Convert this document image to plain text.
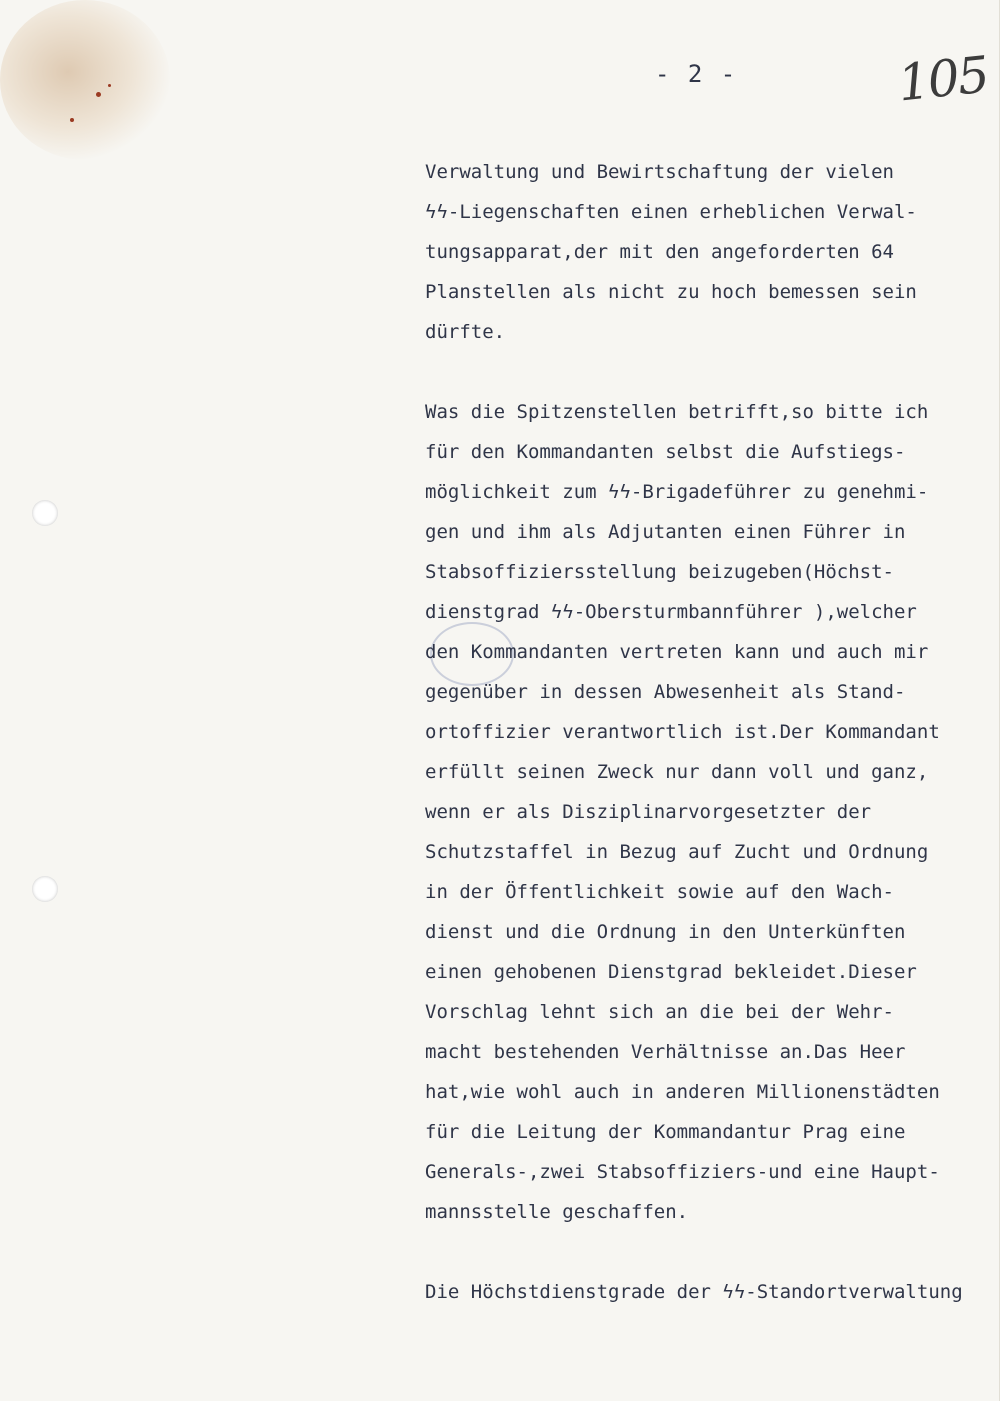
- 2 -	105
Verwaltung und Bewirtschaftung der vielen
ϟϟ-Liegenschaften einen erheblichen Verwal-
tungsapparat,der mit den angeforderten 64
Planstellen als nicht zu hoch bemessen sein
dürfte.
Was die Spitzenstellen betrifft,so bitte ich
für den Kommandanten selbst die Aufstiegs-
möglichkeit zum ϟϟ-Brigadeführer zu genehmi-
gen und ihm als Adjutanten einen Führer in
Stabsoffiziersstellung beizugeben(Höchst-
dienstgrad ϟϟ-Obersturmbannführer ),welcher
den Kommandanten vertreten kann und auch mir
gegenüber in dessen Abwesenheit als Stand-
ortoffizier verantwortlich ist.Der Kommandant
erfüllt seinen Zweck nur dann voll und ganz,
wenn er als Disziplinarvorgesetzter der
Schutzstaffel in Bezug auf Zucht und Ordnung
in der Öffentlichkeit sowie auf den Wach-
dienst und die Ordnung in den Unterkünften
einen gehobenen Dienstgrad bekleidet.Dieser
Vorschlag lehnt sich an die bei der Wehr-
macht bestehenden Verhältnisse an.Das Heer
hat,wie wohl auch in anderen Millionenstädten
für die Leitung der Kommandantur Prag eine
Generals-,zwei Stabsoffiziers-und eine Haupt-
mannsstelle geschaffen.
Die Höchstdienstgrade der ϟϟ-Standortverwaltung
